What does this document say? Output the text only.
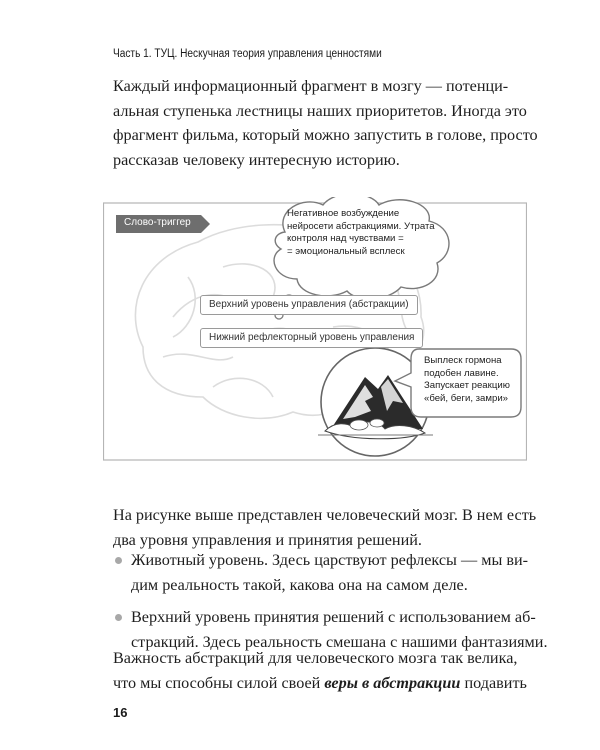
Часть 1. ТУЦ. Нескучная теория управления ценностями

Каждый информационный фрагмент в мозгу — потенци-
альная ступенька лестницы наших приоритетов. Иногда это
фрагмент фильма, который можно запустить в голове, просто
рассказав человеку интересную историю.

Слово-триггер
Негативное возбуждение
нейросети абстракциями. Утрата
контроля над чувствами =
= эмоциональный всплеск
Верхний уровень управления (абстракции)
Нижний рефлекторный уровень управления
Выплеск гормона
подобен лавине.
Запускает реакцию
«бей, беги, замри»

На рисунке выше представлен человеческий мозг. В нем есть
два уровня управления и принятия решений.

Животный уровень. Здесь царствуют рефлексы — мы ви-
дим реальность такой, какова она на самом деле.
Верхний уровень принятия решений с использованием аб-
стракций. Здесь реальность смешана с нашими фантазиями.

Важность абстракций для человеческого мозга так велика,
что мы способны силой своей веры в абстракции подавить

16
